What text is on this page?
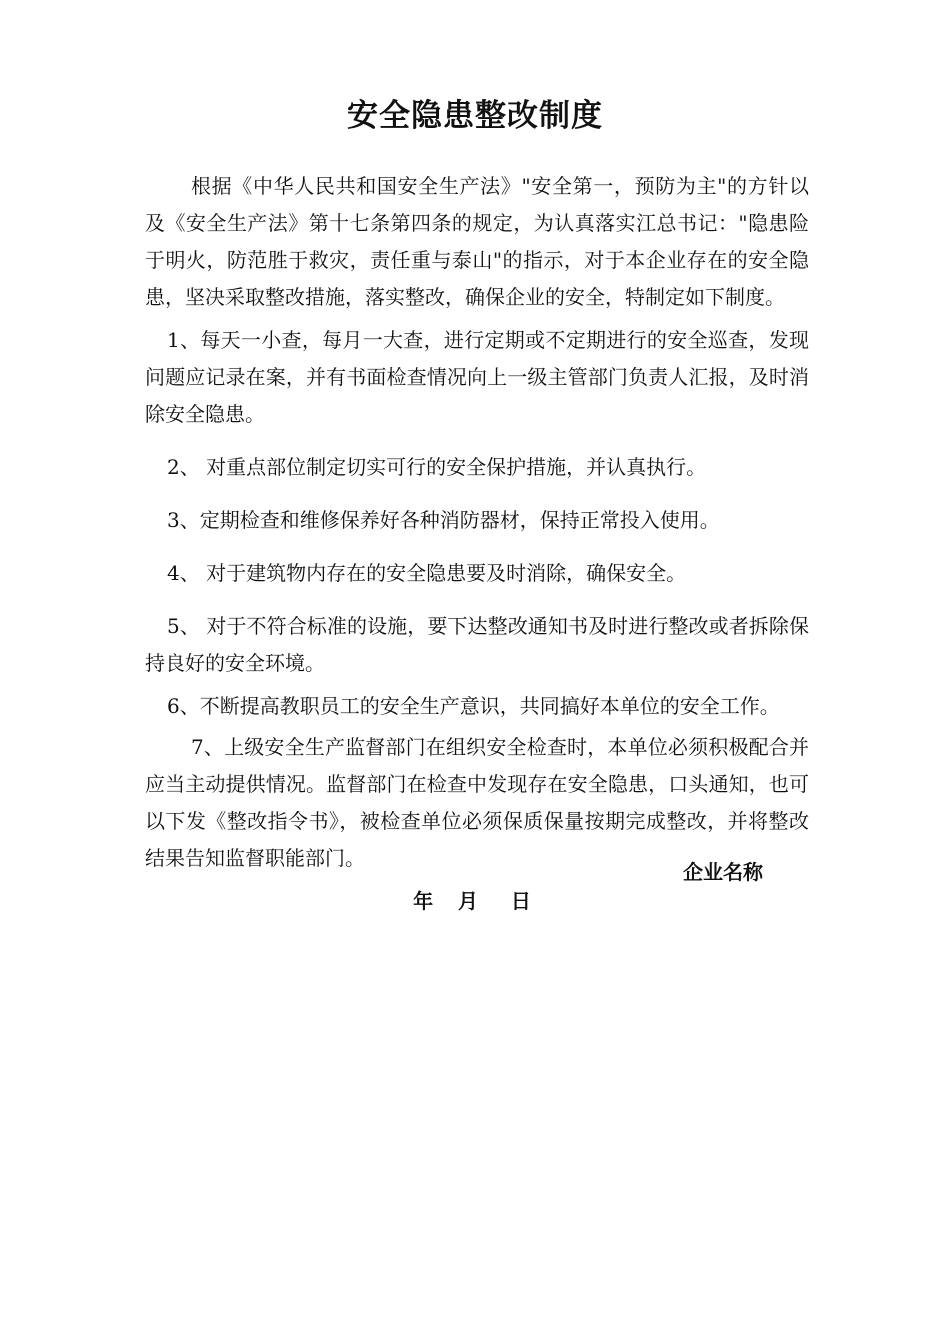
安全隐患整改制度

根据《中华人民共和国安全生产法》"安全第一，预防为主"的方针以及《安全生产法》第十七条第四条的规定，为认真落实江总书记："隐患险于明火，防范胜于救灾，责任重与泰山"的指示，对于本企业存在的安全隐患，坚决采取整改措施，落实整改，确保企业的安全，特制定如下制度。

1、每天一小查，每月一大查，进行定期或不定期进行的安全巡查，发现问题应记录在案，并有书面检查情况向上一级主管部门负责人汇报，及时消除安全隐患。

2、 对重点部位制定切实可行的安全保护措施，并认真执行。

3、定期检查和维修保养好各种消防器材，保持正常投入使用。

4、 对于建筑物内存在的安全隐患要及时消除，确保安全。

5、 对于不符合标准的设施，要下达整改通知书及时进行整改或者拆除保持良好的安全环境。

6、不断提高教职员工的安全生产意识，共同搞好本单位的安全工作。

7、上级安全生产监督部门在组织安全检查时，本单位必须积极配合并应当主动提供情况。监督部门在检查中发现存在安全隐患，口头通知，也可以下发《整改指令书》，被检查单位必须保质保量按期完成整改，并将整改结果告知监督职能部门。

企业名称
年   月    日
